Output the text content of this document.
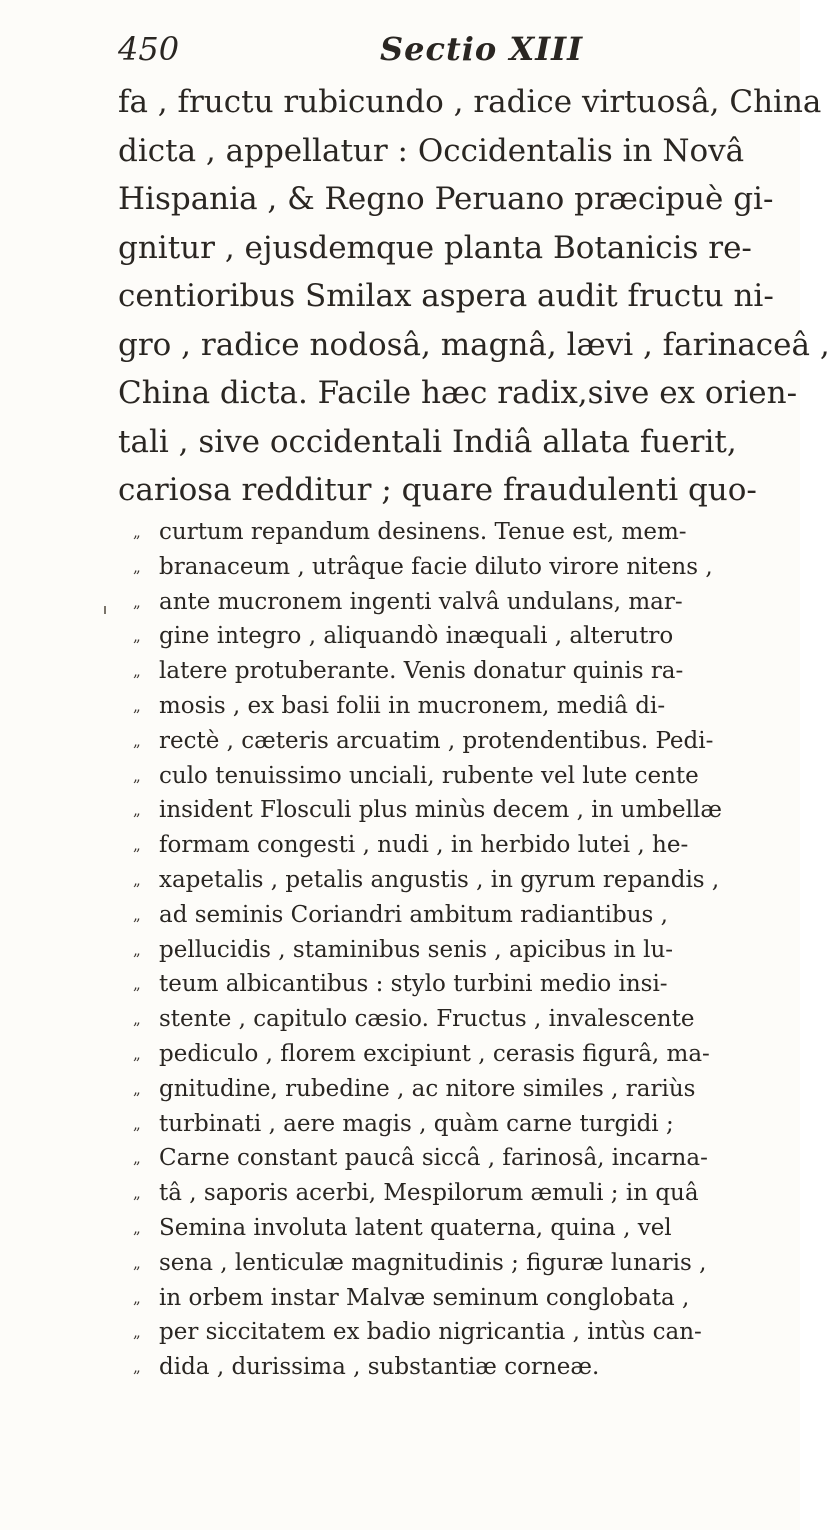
450	Sectio XIII
fa , fructu rubicundo , radice virtuosâ, China
dicta , appellatur : Occidentalis in Novâ
Hispania , & Regno Peruano præcipuè gi-
gnitur , ejusdemque planta Botanicis re-
centioribus Smilax aspera audit fructu ni-
gro , radice nodosâ, magnâ, lævi , farinaceâ ,
China dicta. Facile hæc radix,sive ex orien-
tali , sive occidentali Indiâ allata fuerit,
cariosa redditur ; quare fraudulenti quo-
„ curtum repandum desinens. Tenue est, mem-
„ branaceum , utrâque facie diluto virore nitens ,
„ ante mucronem ingenti valvâ undulans, mar-
„ gine integro , aliquandò inæquali , alterutro
„ latere protuberante. Venis donatur quinis ra-
„ mosis , ex basi folii in mucronem, mediâ di-
„ rectè , cæteris arcuatim , protendentibus. Pedi-
„ culo tenuissimo unciali, rubente vel lute cente
„ insident Flosculi plus minùs decem , in umbellæ
„ formam congesti , nudi , in herbido lutei , he-
„ xapetalis , petalis angustis , in gyrum repandis ,
„ ad seminis Coriandri ambitum radiantibus ,
„ pellucidis , staminibus senis , apicibus in lu-
„ teum albicantibus : stylo turbini medio insi-
„ stente , capitulo cæsio. Fructus , invalescente
„ pediculo , florem excipiunt , cerasis figurâ, ma-
„ gnitudine, rubedine , ac nitore similes , rariùs
„ turbinati , aere magis , quàm carne turgidi ;
„ Carne constant paucâ siccâ , farinosâ, incarna-
„ tâ , saporis acerbi, Mespilorum æmuli ; in quâ
„ Semina involuta latent quaterna, quina , vel
„ sena , lenticulæ magnitudinis ; figuræ lunaris ,
„ in orbem instar Malvæ seminum conglobata ,
„ per siccitatem ex badio nigricantia , intùs can-
„ dida , durissima , substantiæ corneæ.
